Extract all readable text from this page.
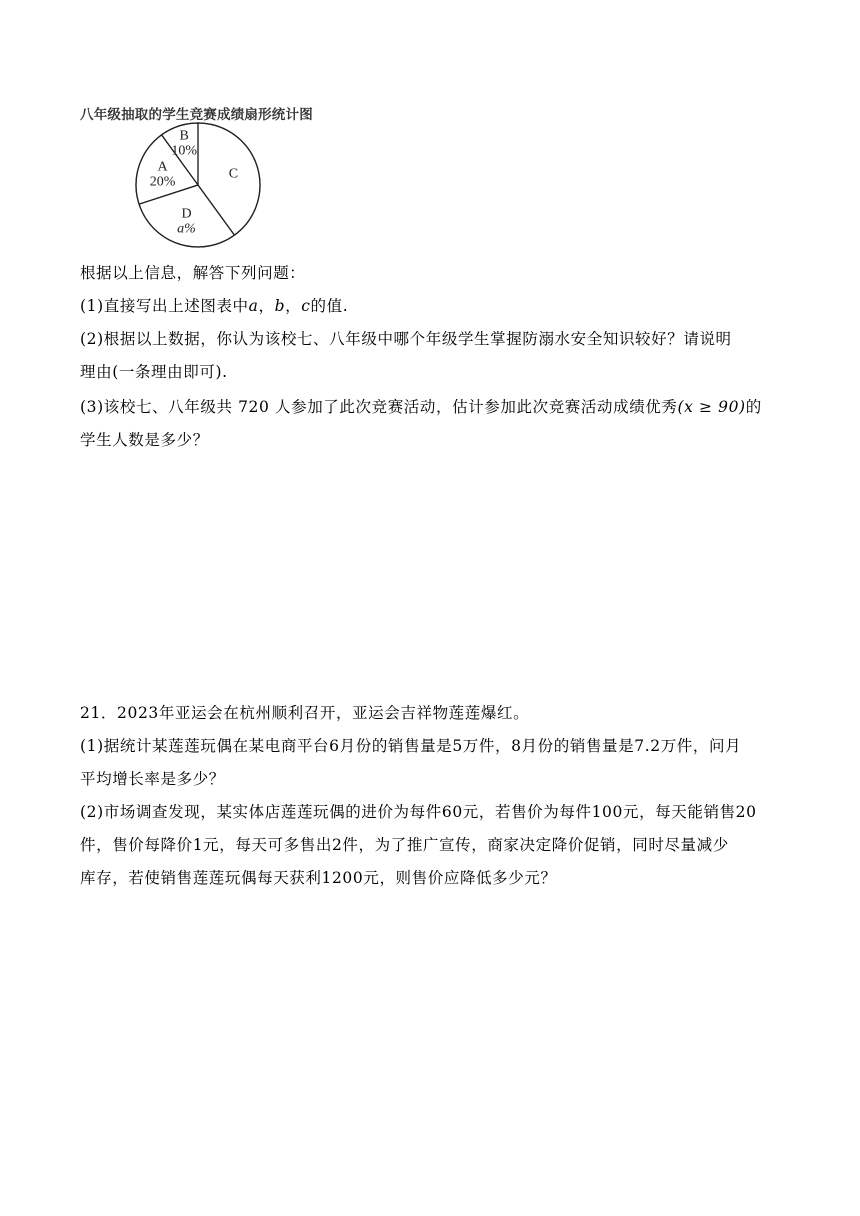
八年级抽取的学生竞赛成绩扇形统计图
C
D
a%
A
20%
B
10%
根据以上信息，解答下列问题：
(1)直接写出上述图表中a，b，c的值.
(2)根据以上数据，你认为该校七、八年级中哪个年级学生掌握防溺水安全知识较好？请说明
理由(一条理由即可).
(3)该校七、八年级共 720 人参加了此次竞赛活动，估计参加此次竞赛活动成绩优秀(x ≥ 90)的
学生人数是多少？
21．2023年亚运会在杭州顺利召开，亚运会吉祥物莲莲爆红。
(1)据统计某莲莲玩偶在某电商平台6月份的销售量是5万件，8月份的销售量是7.2万件，问月
平均增长率是多少？
(2)市场调查发现，某实体店莲莲玩偶的进价为每件60元，若售价为每件100元，每天能销售20
件，售价每降价1元，每天可多售出2件，为了推广宣传，商家决定降价促销，同时尽量减少
库存，若使销售莲莲玩偶每天获利1200元，则售价应降低多少元？
